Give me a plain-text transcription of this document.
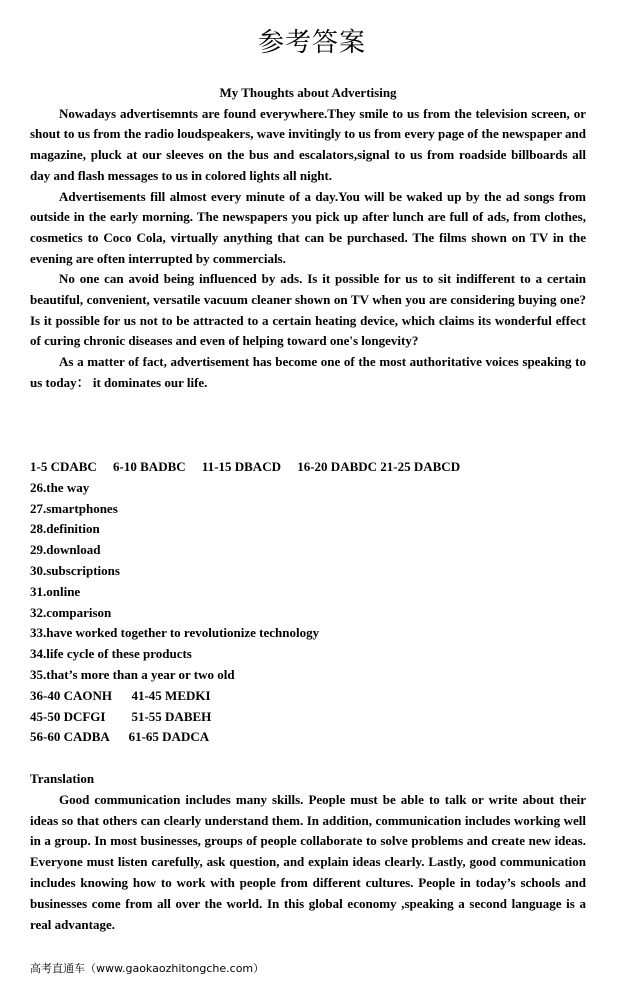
参考答案

My Thoughts about Advertising

Nowadays advertisemnts are found everywhere.They smile to us from the television screen, or shout to us from the radio loudspeakers, wave invitingly to us from every page of the newspaper and magazine, pluck at our sleeves on the bus and escalators,signal to us from roadside billboards all day and flash messages to us in colored lights all night.

Advertisements fill almost every minute of a day.You will be waked up by the ad songs from outside in the early morning. The newspapers you pick up after lunch are full of ads, from clothes, cosmetics to Coco Cola, virtually anything that can be purchased. The films shown on TV in the evening are often interrupted by commercials.

No one can avoid being influenced by ads. Is it possible for us to sit indifferent to a certain beautiful, convenient, versatile vacuum cleaner shown on TV when you are considering buying one? Is it possible for us not to be attracted to a certain heating device, which claims its wonderful effect of curing chronic diseases and even of helping toward one's longevity?

As a matter of fact, advertisement has become one of the most authoritative voices speaking to us today： it dominates our life.

1-5 CDABC     6-10 BADBC     11-15 DBACD     16-20 DABDC 21-25 DABCD
26.the way
27.smartphones
28.definition
29.download
30.subscriptions
31.online
32.comparison
33.have worked together to revolutionize technology
34.life cycle of these products
35.that’s more than a year or two old
36-40 CAONH      41-45 MEDKI
45-50 DCFGI        51-55 DABEH
56-60 CADBA      61-65 DADCA

Translation

Good communication includes many skills. People must be able to talk or write about their ideas so that others can clearly understand them. In addition, communication includes working well in a group. In most businesses, groups of people collaborate to solve problems and create new ideas. Everyone must listen carefully, ask question, and explain ideas clearly. Lastly, good communication includes knowing how to work with people from different cultures. People in today’s schools and businesses come from all over the world. In this global economy ,speaking a second language is a real advantage.

高考直通车（www.gaokaozhitongche.com）
